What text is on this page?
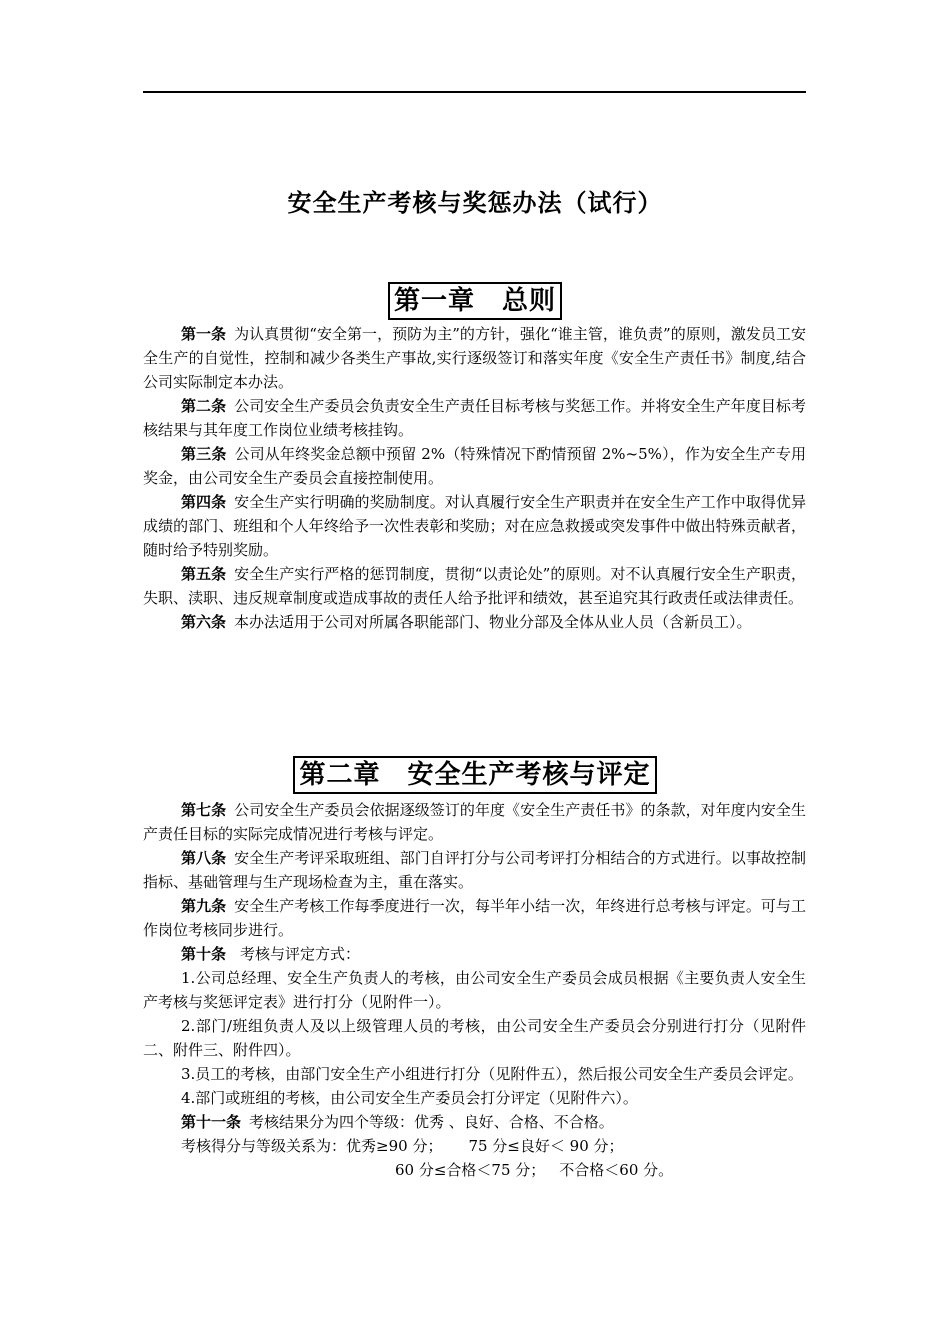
安全生产考核与奖惩办法（试行）
第一章　总则

第一条 为认真贯彻“安全第一，预防为主”的方针，强化“谁主管，谁负责”的原则，激发员工安全生产的自觉性，控制和减少各类生产事故,实行逐级签订和落实年度《安全生产责任书》制度,结合公司实际制定本办法。

第二条 公司安全生产委员会负责安全生产责任目标考核与奖惩工作。并将安全生产年度目标考核结果与其年度工作岗位业绩考核挂钩。

第三条 公司从年终奖金总额中预留 2%（特殊情况下酌情预留 2%~5%），作为安全生产专用奖金，由公司安全生产委员会直接控制使用。

第四条 安全生产实行明确的奖励制度。对认真履行安全生产职责并在安全生产工作中取得优异成绩的部门、班组和个人年终给予一次性表彰和奖励；对在应急救援或突发事件中做出特殊贡献者，随时给予特别奖励。

第五条 安全生产实行严格的惩罚制度，贯彻“以责论处”的原则。对不认真履行安全生产职责，失职、渎职、违反规章制度或造成事故的责任人给予批评和绩效，甚至追究其行政责任或法律责任。

第六条 本办法适用于公司对所属各职能部门、物业分部及全体从业人员（含新员工）。

第二章　安全生产考核与评定

第七条 公司安全生产委员会依据逐级签订的年度《安全生产责任书》的条款，对年度内安全生产责任目标的实际完成情况进行考核与评定。

第八条 安全生产考评采取班组、部门自评打分与公司考评打分相结合的方式进行。以事故控制指标、基础管理与生产现场检查为主，重在落实。

第九条 安全生产考核工作每季度进行一次，每半年小结一次，年终进行总考核与评定。可与工作岗位考核同步进行。

第十条 考核与评定方式：

1.公司总经理、安全生产负责人的考核，由公司安全生产委员会成员根据《主要负责人安全生产考核与奖惩评定表》进行打分（见附件一）。

2.部门/班组负责人及以上级管理人员的考核，由公司安全生产委员会分别进行打分（见附件二、附件三、附件四）。

3.员工的考核，由部门安全生产小组进行打分（见附件五），然后报公司安全生产委员会评定。

4.部门或班组的考核，由公司安全生产委员会打分评定（见附件六）。

第十一条 考核结果分为四个等级：优秀 、良好、合格、不合格。

考核得分与等级关系为：优秀≥90 分； 75 分≤良好＜ 90 分；

60 分≤合格＜75 分； 不合格＜60 分。
